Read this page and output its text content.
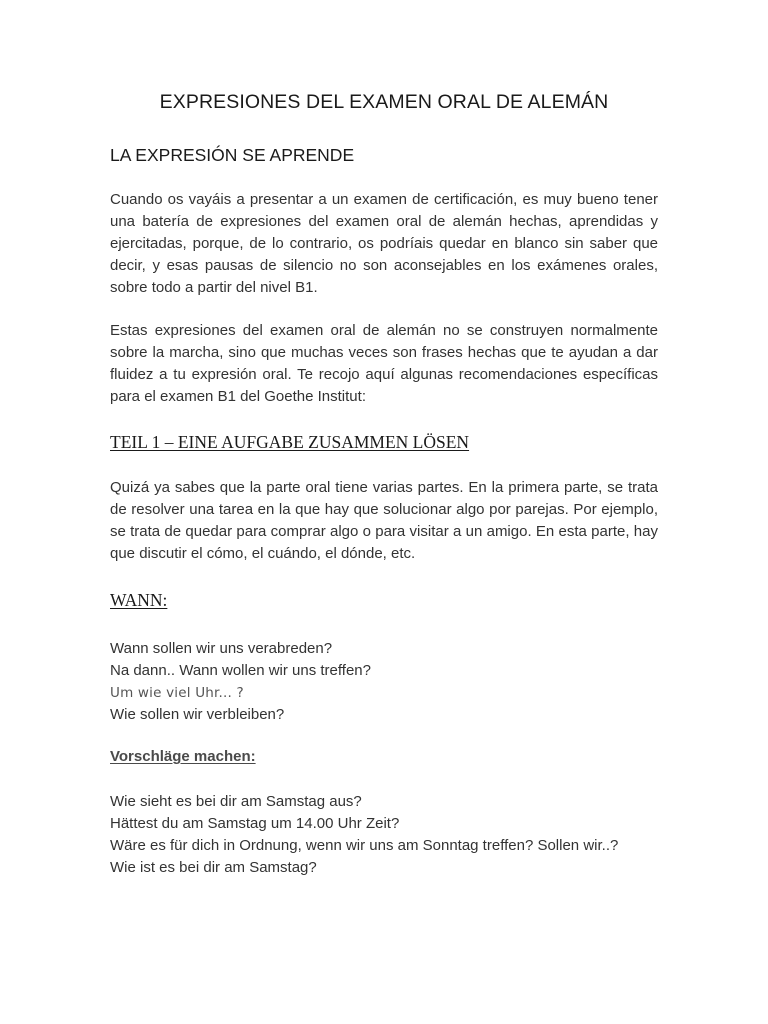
EXPRESIONES DEL EXAMEN ORAL DE ALEMÁN
LA EXPRESIÓN SE APRENDE

Cuando os vayáis a presentar a un examen de certificación, es muy bueno tener una batería de expresiones del examen oral de alemán hechas, aprendidas y ejercitadas, porque, de lo contrario, os podríais quedar en blanco sin saber que decir, y esas pausas de silencio no son aconsejables en los exámenes orales, sobre todo a partir del nivel B1.

Estas expresiones del examen oral de alemán no se construyen normalmente sobre la marcha, sino que muchas veces son frases hechas que te ayudan a dar fluidez a tu expresión oral. Te recojo aquí algunas recomendaciones específicas para el examen B1 del Goethe Institut:

TEIL 1 – EINE AUFGABE ZUSAMMEN LÖSEN

Quizá ya sabes que la parte oral tiene varias partes. En la primera parte, se trata de resolver una tarea en la que hay que solucionar algo por parejas. Por ejemplo, se trata de quedar para comprar algo o para visitar a un amigo. En esta parte, hay que discutir el cómo, el cuándo, el dónde, etc.

WANN:
Wann sollen wir uns verabreden?
Na dann.. Wann wollen wir uns treffen?
Um wie viel Uhr... ?
Wie sollen wir verbleiben?

Vorschläge machen:

Wie sieht es bei dir am Samstag aus?
Hättest du am Samstag um 14.00 Uhr Zeit?
Wäre es für dich in Ordnung, wenn wir uns am Sonntag treffen? Sollen wir..?
Wie ist es bei dir am Samstag?
